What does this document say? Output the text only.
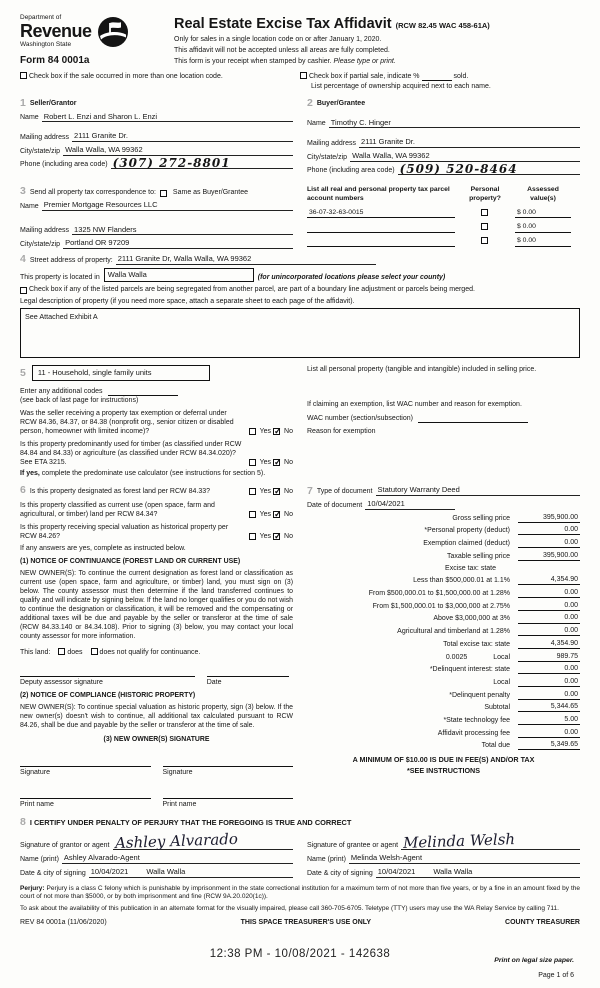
Department of
Revenue
Washington State
Form 84 0001a
Real Estate Excise Tax Affidavit (RCW 82.45 WAC 458-61A)
Only for sales in a single location code on or after January 1, 2020.
This affidavit will not be accepted unless all areas are fully completed.
This form is your receipt when stamped by cashier. Please type or print.
Check box if the sale occurred in more than one location code.	Check box if partial sale, indicate %	sold.
List percentage of ownership acquired next to each name.
1 Seller/Grantor
Name Robert L. Enzi and Sharon L. Enzi
Mailing address 2111 Granite Dr.
City/state/zip Walla Walla, WA 99362
Phone (including area code) (307) 272-8801
2 Buyer/Grantee
Name Timothy C. Hinger
Mailing address 2111 Granite Dr.
City/state/zip Walla Walla, WA 99362
Phone (including area code) (509) 520-8464
3 Send all property tax correspondence to: Same as Buyer/Grantee
Name Premier Mortgage Resources LLC
Mailing address 1325 NW Flanders
City/state/zip Portland OR 97209
List all real and personal property tax parcel account numbers
Personal property?
Assessed value(s)
36-07-32-63-0015	$ 0.00
$ 0.00
$ 0.00
4 Street address of property: 2111 Granite Dr, Walla Walla, WA 99362
This property is located in	Walla Walla	(for unincorporated locations please select your county)
Check box if any of the listed parcels are being segregated from another parcel, are part of a boundary line adjustment or parcels being merged.
Legal description of property (if you need more space, attach a separate sheet to each page of the affidavit).
See Attached Exhibit A
5	11 - Household, single family units
Enter any additional codes
(see back of last page for instructions)
Was the seller receiving a property tax exemption or deferral under RCW 84.36, 84.37, or 84.38 (nonprofit org., senior citizen or disabled person, homeowner with limited income)?	Yes ✓ No
Is this property predominantly used for timber (as classified under RCW 84.84 and 84.33) or agriculture (as classified under RCW 84.34.020)? See ETA 3215.	Yes ✓ No
If yes, complete the predominate use calculator (see instructions for section 5).
List all personal property (tangible and intangible) included in selling price.
If claiming an exemption, list WAC number and reason for exemption.
WAC number (section/subsection)
Reason for exemption
6 Is this property designated as forest land per RCW 84.33?	Yes ✓ No
Is this property classified as current use (open space, farm and agricultural, or timber) land per RCW 84.34?	Yes ✓ No
Is this property receiving special valuation as historical property per RCW 84.26?	Yes ✓ No
If any answers are yes, complete as instructed below.
(1) NOTICE OF CONTINUANCE (FOREST LAND OR CURRENT USE)
NEW OWNER(S): To continue the current designation as forest land or classification as current use (open space, farm and agriculture, or timber) land, you must sign on (3) below. The county assessor must then determine if the land transferred continues to qualify and will indicate by signing below. If the land no longer qualifies or you do not wish to continue the designation or classification, it will be removed and the compensating or additional taxes will be due and payable by the seller or transferor at the time of sale (RCW 84.33.140 or 84.34.108). Prior to signing (3) below, you may contact your local county assessor for more information.
This land:	does	does not qualify for continuance.
Deputy assessor signature	Date
(2) NOTICE OF COMPLIANCE (HISTORIC PROPERTY)
NEW OWNER(S): To continue special valuation as historic property, sign (3) below. If the new owner(s) doesn't wish to continue, all additional tax calculated pursuant to RCW 84.26, shall be due and payable by the seller or transferor at the time of sale.
(3) NEW OWNER(S) SIGNATURE
Signature	Signature
Print name	Print name
7 Type of document Statutory Warranty Deed
Date of document 10/04/2021
Gross selling price	395,900.00
*Personal property (deduct)	0.00
Exemption claimed (deduct)	0.00
Taxable selling price	395,900.00
Excise tax: state
Less than $500,000.01 at 1.1%	4,354.90
From $500,000.01 to $1,500,000.00 at 1.28%	0.00
From $1,500,000.01 to $3,000,000 at 2.75%	0.00
Above $3,000,000 at 3%	0.00
Agricultural and timberland at 1.28%	0.00
Total excise tax: state	4,354.90
0.0025	Local	989.75
*Delinquent interest: state	0.00
Local	0.00
*Delinquent penalty	0.00
Subtotal	5,344.65
*State technology fee	5.00
Affidavit processing fee	0.00
Total due	5,349.65
A MINIMUM OF $10.00 IS DUE IN FEE(S) AND/OR TAX
*SEE INSTRUCTIONS
8 I CERTIFY UNDER PENALTY OF PERJURY THAT THE FOREGOING IS TRUE AND CORRECT
Signature of grantor or agent Ashley Alvarado
Name (print) Ashley Alvarado-Agent
Date & city of signing 10/04/2021 Walla Walla
Signature of grantee or agent Melinda Welsh
Name (print) Melinda Welsh-Agent
Date & city of signing 10/04/2021 Walla Walla
Perjury: Perjury is a class C felony which is punishable by imprisonment in the state correctional institution for a maximum term of not more than five years, or by a fine in an amount fixed by the court of not more than $5000, or by both imprisonment and fine (RCW 9A.20.020(1c)).
To ask about the availability of this publication in an alternate format for the visually impaired, please call 360-705-6705. Teletype (TTY) users may use the WA Relay Service by calling 711.
REV 84 0001a (11/06/2020)	THIS SPACE TREASURER'S USE ONLY	COUNTY TREASURER
12:38 PM - 10/08/2021 - 142638
Print on legal size paper.
Page 1 of 6
